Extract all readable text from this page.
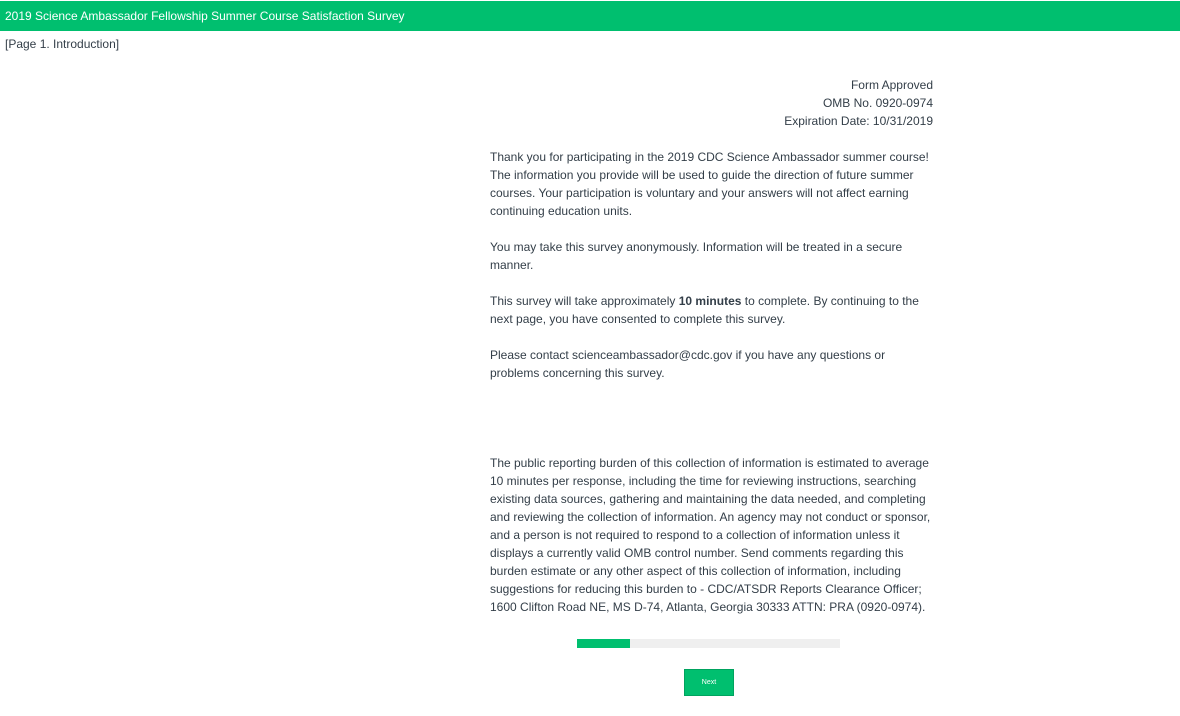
2019 Science Ambassador Fellowship Summer Course Satisfaction Survey
[Page 1. Introduction]
Form Approved
OMB No. 0920-0974
Expiration Date: 10/31/2019

Thank you for participating in the 2019 CDC Science Ambassador summer course! The information you provide will be used to guide the direction of future summer courses. Your participation is voluntary and your answers will not affect earning continuing education units.

You may take this survey anonymously. Information will be treated in a secure manner.

This survey will take approximately 10 minutes to complete. By continuing to the next page, you have consented to complete this survey.

Please contact scienceambassador@cdc.gov if you have any questions or problems concerning this survey.

The public reporting burden of this collection of information is estimated to average 10 minutes per response, including the time for reviewing instructions, searching existing data sources, gathering and maintaining the data needed, and completing and reviewing the collection of information. An agency may not conduct or sponsor, and a person is not required to respond to a collection of information unless it displays a currently valid OMB control number. Send comments regarding this burden estimate or any other aspect of this collection of information, including suggestions for reducing this burden to - CDC/ATSDR Reports Clearance Officer; 1600 Clifton Road NE, MS D-74, Atlanta, Georgia 30333 ATTN: PRA (0920-0974).

Next
